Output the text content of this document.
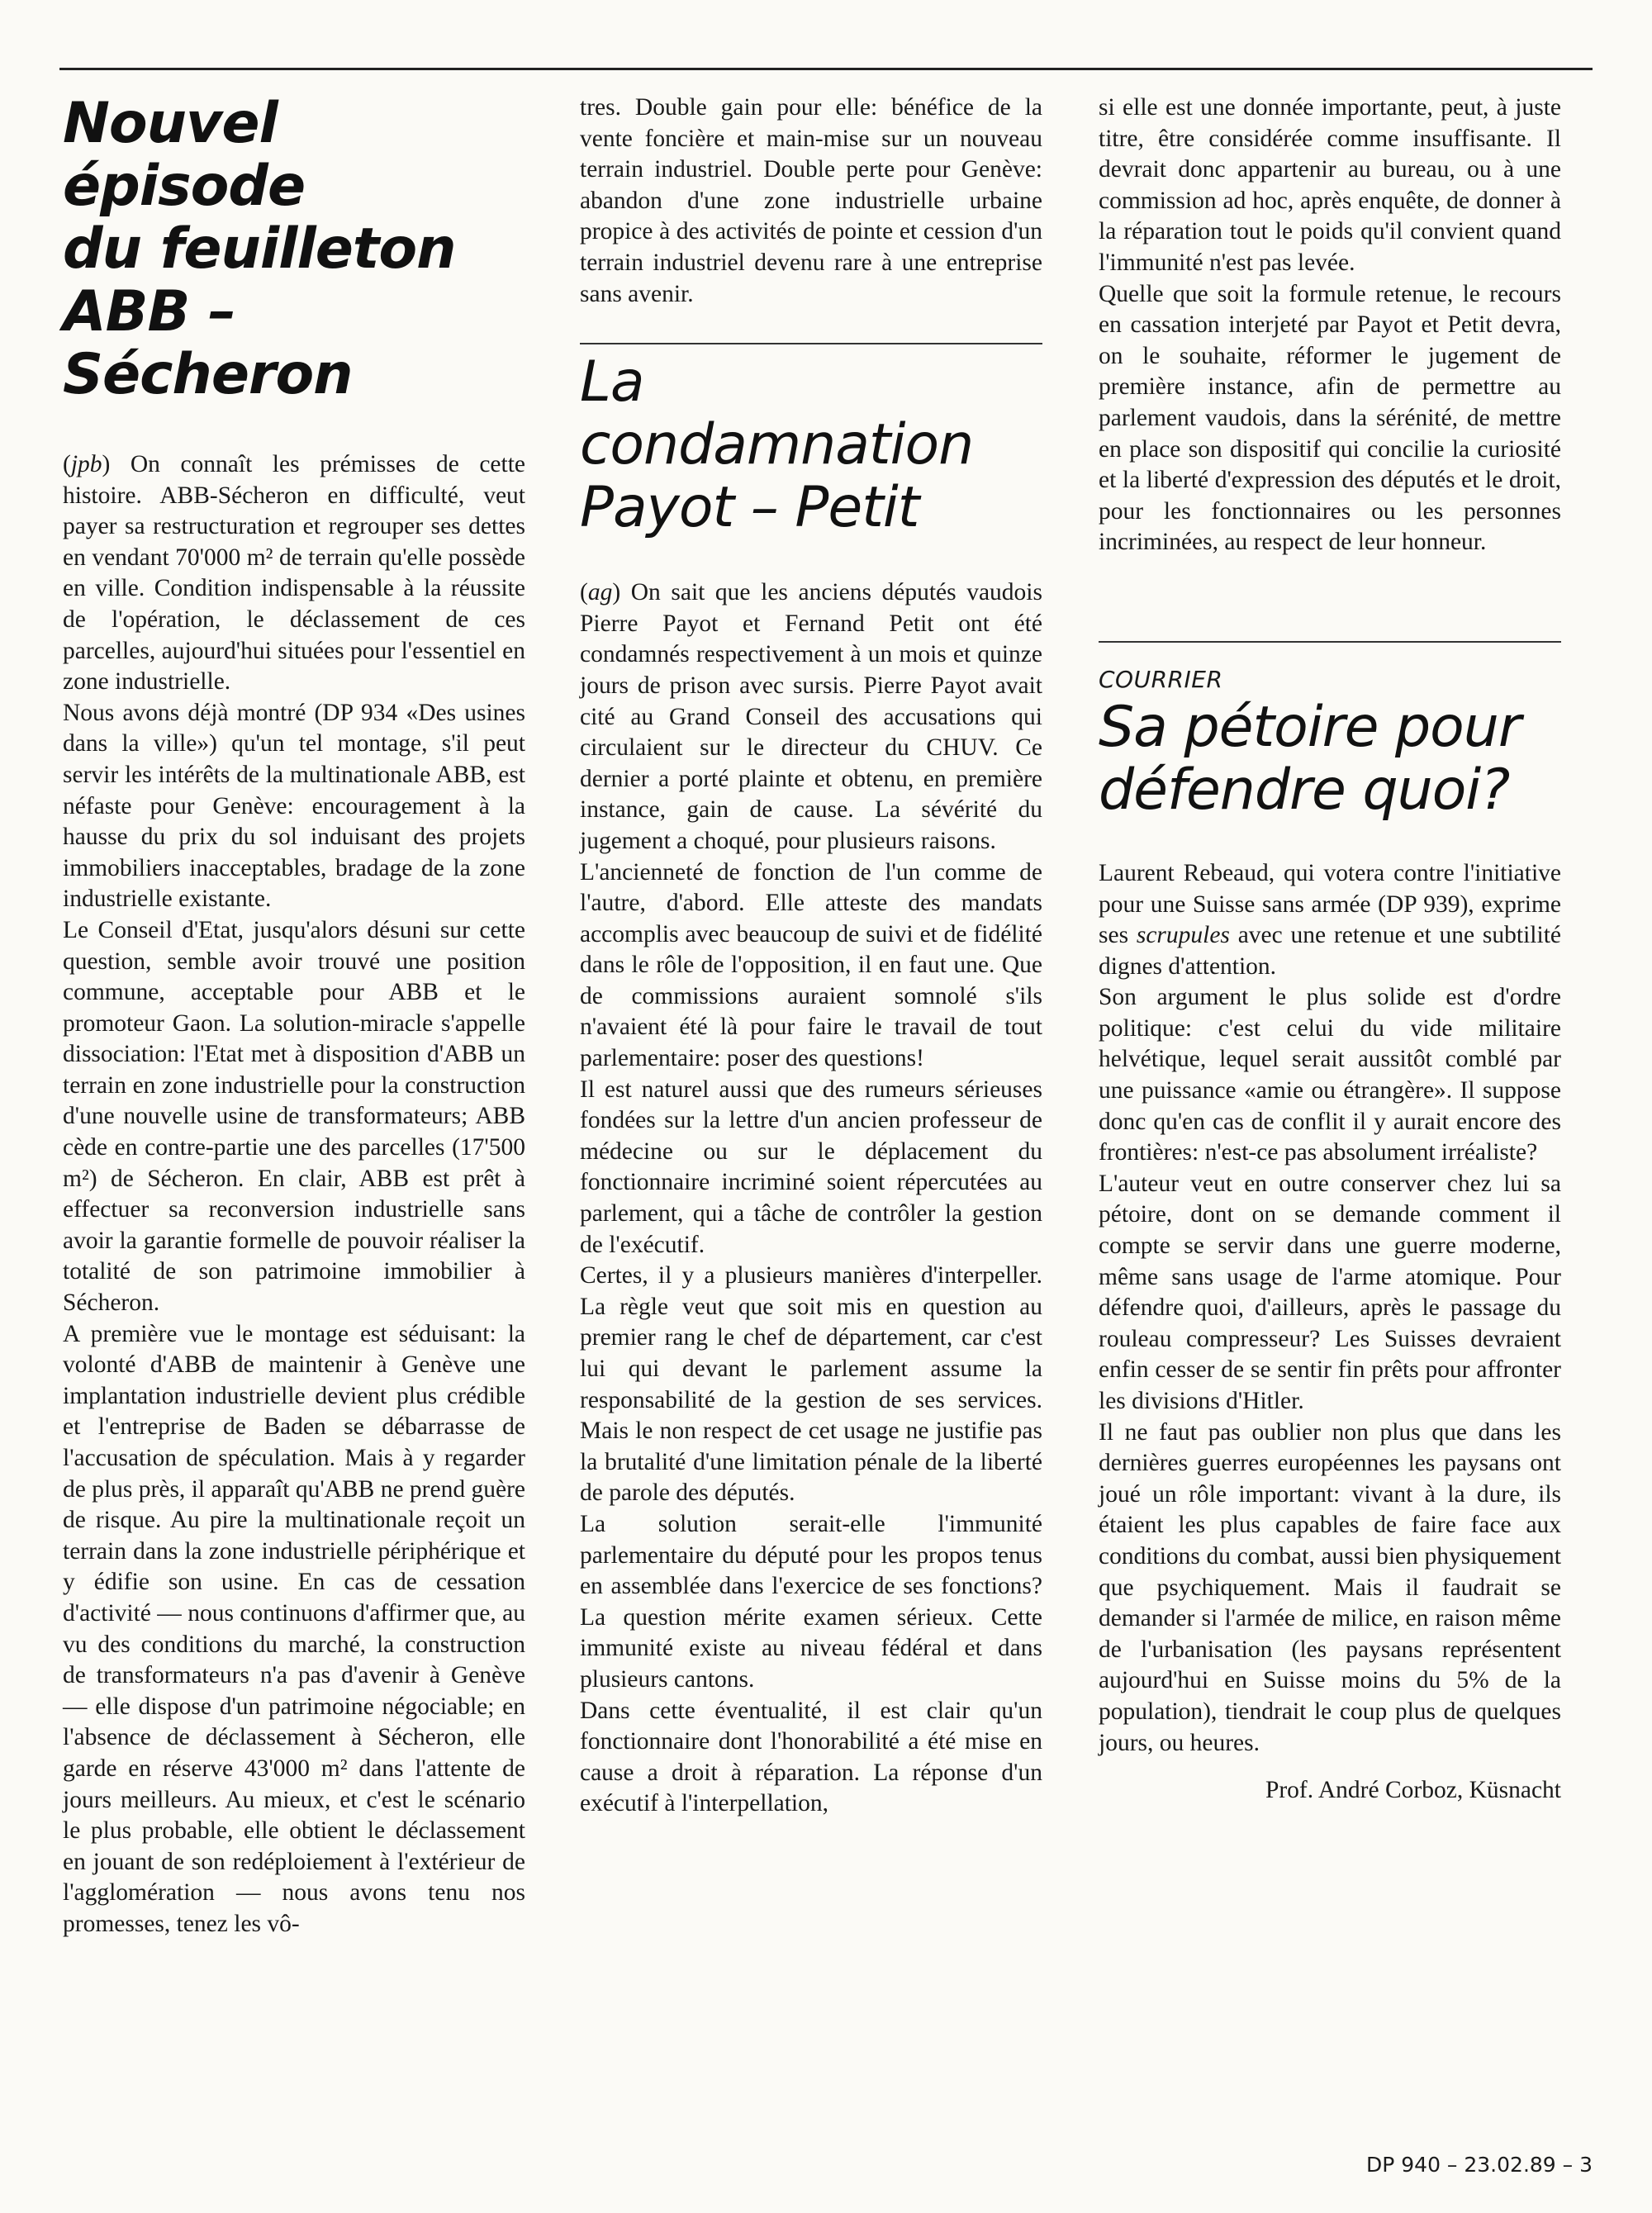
Nouvel épisode
du feuilleton
ABB – Sécheron

(jpb) On connaît les prémisses de cette histoire. ABB-Sécheron en difficulté, veut payer sa restructuration et regrouper ses dettes en vendant 70'000 m² de terrain qu'elle possède en ville. Condition indispensable à la réussite de l'opération, le déclassement de ces parcelles, aujourd'hui situées pour l'essentiel en zone industrielle.

Nous avons déjà montré (DP 934 «Des usines dans la ville») qu'un tel montage, s'il peut servir les intérêts de la multinationale ABB, est néfaste pour Genève: encouragement à la hausse du prix du sol induisant des projets immobiliers inacceptables, bradage de la zone industrielle existante.

Le Conseil d'Etat, jusqu'alors désuni sur cette question, semble avoir trouvé une position commune, acceptable pour ABB et le promoteur Gaon. La solution-miracle s'appelle dissociation: l'Etat met à disposition d'ABB un terrain en zone industrielle pour la construction d'une nouvelle usine de transformateurs; ABB cède en contre-partie une des parcelles (17'500 m²) de Sécheron. En clair, ABB est prêt à effectuer sa reconversion industrielle sans avoir la garantie formelle de pouvoir réaliser la totalité de son patrimoine immobilier à Sécheron.

A première vue le montage est séduisant: la volonté d'ABB de maintenir à Genève une implantation industrielle devient plus crédible et l'entreprise de Baden se débarrasse de l'accusation de spéculation. Mais à y regarder de plus près, il apparaît qu'ABB ne prend guère de risque. Au pire la multinationale reçoit un terrain dans la zone industrielle périphérique et y édifie son usine. En cas de cessation d'activité — nous continuons d'affirmer que, au vu des conditions du marché, la construction de transformateurs n'a pas d'avenir à Genève — elle dispose d'un patrimoine négociable; en l'absence de déclassement à Sécheron, elle garde en réserve 43'000 m² dans l'attente de jours meilleurs. Au mieux, et c'est le scénario le plus probable, elle obtient le déclassement en jouant de son redéploiement à l'extérieur de l'agglomération — nous avons tenu nos promesses, tenez les vô-

tres. Double gain pour elle: bénéfice de la vente foncière et main-mise sur un nouveau terrain industriel. Double perte pour Genève: abandon d'une zone industrielle urbaine propice à des activités de pointe et cession d'un terrain industriel devenu rare à une entreprise sans avenir.

La
condamnation
Payot – Petit

(ag) On sait que les anciens députés vaudois Pierre Payot et Fernand Petit ont été condamnés respectivement à un mois et quinze jours de prison avec sursis. Pierre Payot avait cité au Grand Conseil des accusations qui circulaient sur le directeur du CHUV. Ce dernier a porté plainte et obtenu, en première instance, gain de cause. La sévérité du jugement a choqué, pour plusieurs raisons.

L'ancienneté de fonction de l'un comme de l'autre, d'abord. Elle atteste des mandats accomplis avec beaucoup de suivi et de fidélité dans le rôle de l'opposition, il en faut une. Que de commissions auraient somnolé s'ils n'avaient été là pour faire le travail de tout parlementaire: poser des questions!

Il est naturel aussi que des rumeurs sérieuses fondées sur la lettre d'un ancien professeur de médecine ou sur le déplacement du fonctionnaire incriminé soient répercutées au parlement, qui a tâche de contrôler la gestion de l'exécutif.

Certes, il y a plusieurs manières d'interpeller. La règle veut que soit mis en question au premier rang le chef de département, car c'est lui qui devant le parlement assume la responsabilité de la gestion de ses services. Mais le non respect de cet usage ne justifie pas la brutalité d'une limitation pénale de la liberté de parole des députés.

La solution serait-elle l'immunité parlementaire du député pour les propos tenus en assemblée dans l'exercice de ses fonctions? La question mérite examen sérieux. Cette immunité existe au niveau fédéral et dans plusieurs cantons.

Dans cette éventualité, il est clair qu'un fonctionnaire dont l'honorabilité a été mise en cause a droit à réparation. La réponse d'un exécutif à l'interpellation,

si elle est une donnée importante, peut, à juste titre, être considérée comme insuffisante. Il devrait donc appartenir au bureau, ou à une commission ad hoc, après enquête, de donner à la réparation tout le poids qu'il convient quand l'immunité n'est pas levée.

Quelle que soit la formule retenue, le recours en cassation interjeté par Payot et Petit devra, on le souhaite, réformer le jugement de première instance, afin de permettre au parlement vaudois, dans la sérénité, de mettre en place son dispositif qui concilie la curiosité et la liberté d'expression des députés et le droit, pour les fonctionnaires ou les personnes incriminées, au respect de leur honneur.

COURRIER
Sa pétoire pour
défendre quoi?

Laurent Rebeaud, qui votera contre l'initiative pour une Suisse sans armée (DP 939), exprime ses scrupules avec une retenue et une subtilité dignes d'attention.

Son argument le plus solide est d'ordre politique: c'est celui du vide militaire helvétique, lequel serait aussitôt comblé par une puissance «amie ou étrangère». Il suppose donc qu'en cas de conflit il y aurait encore des frontières: n'est-ce pas absolument irréaliste?

L'auteur veut en outre conserver chez lui sa pétoire, dont on se demande comment il compte se servir dans une guerre moderne, même sans usage de l'arme atomique. Pour défendre quoi, d'ailleurs, après le passage du rouleau compresseur? Les Suisses devraient enfin cesser de se sentir fin prêts pour affronter les divisions d'Hitler.

Il ne faut pas oublier non plus que dans les dernières guerres européennes les paysans ont joué un rôle important: vivant à la dure, ils étaient les plus capables de faire face aux conditions du combat, aussi bien physiquement que psychiquement. Mais il faudrait se demander si l'armée de milice, en raison même de l'urbanisation (les paysans représentent aujourd'hui en Suisse moins du 5% de la population), tiendrait le coup plus de quelques jours, ou heures.

Prof. André Corboz, Küsnacht
DP 940 – 23.02.89 – 3
